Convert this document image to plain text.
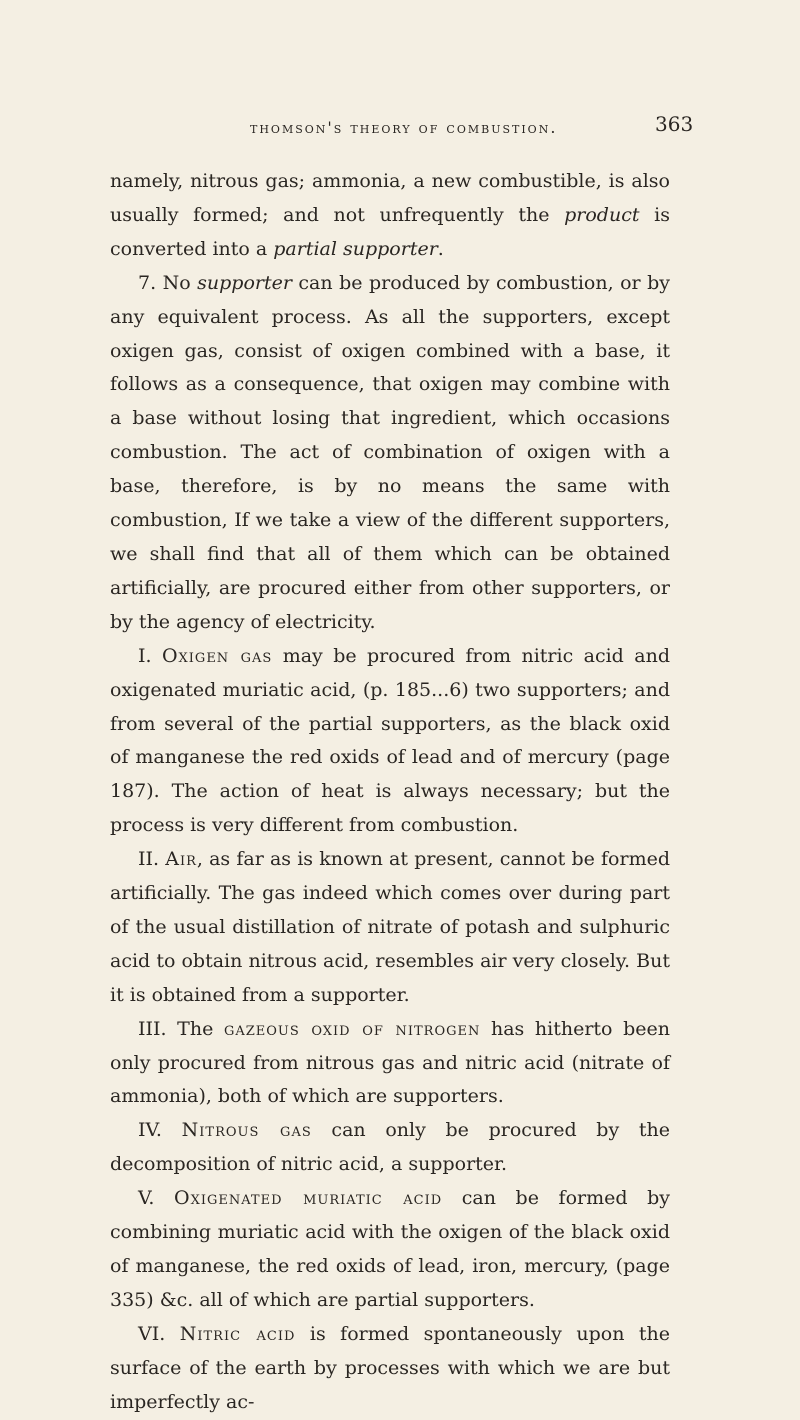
thomson's theory of combustion.	363

namely, nitrous gas; ammonia, a new combustible, is also usually formed; and not unfrequently the product is converted into a partial supporter.

7. No supporter can be produced by combustion, or by any equivalent process. As all the supporters, except oxigen gas, consist of oxigen combined with a base, it follows as a consequence, that oxigen may combine with a base without losing that ingredient, which occasions combustion. The act of combination of oxigen with a base, therefore, is by no means the same with combustion, If we take a view of the different supporters, we shall find that all of them which can be obtained artificially, are procured either from other supporters, or by the agency of electricity.

I. Oxigen gas may be procured from nitric acid and oxigenated muriatic acid, (p. 185...6) two supporters; and from several of the partial supporters, as the black oxid of manganese the red oxids of lead and of mercury (page 187). The action of heat is always necessary; but the process is very different from combustion.

II. Air, as far as is known at present, cannot be formed artificially. The gas indeed which comes over during part of the usual distillation of nitrate of potash and sulphuric acid to obtain nitrous acid, resembles air very closely. But it is obtained from a supporter.

III. The gazeous oxid of nitrogen has hitherto been only procured from nitrous gas and nitric acid (nitrate of ammonia), both of which are supporters.

IV. Nitrous gas can only be procured by the decomposition of nitric acid, a supporter.

V. Oxigenated muriatic acid can be formed by combining muriatic acid with the oxigen of the black oxid of manganese, the red oxids of lead, iron, mercury, (page 335) &c. all of which are partial supporters.

VI. Nitric acid is formed spontaneously upon the surface of the earth by processes with which we are but imperfectly ac-
